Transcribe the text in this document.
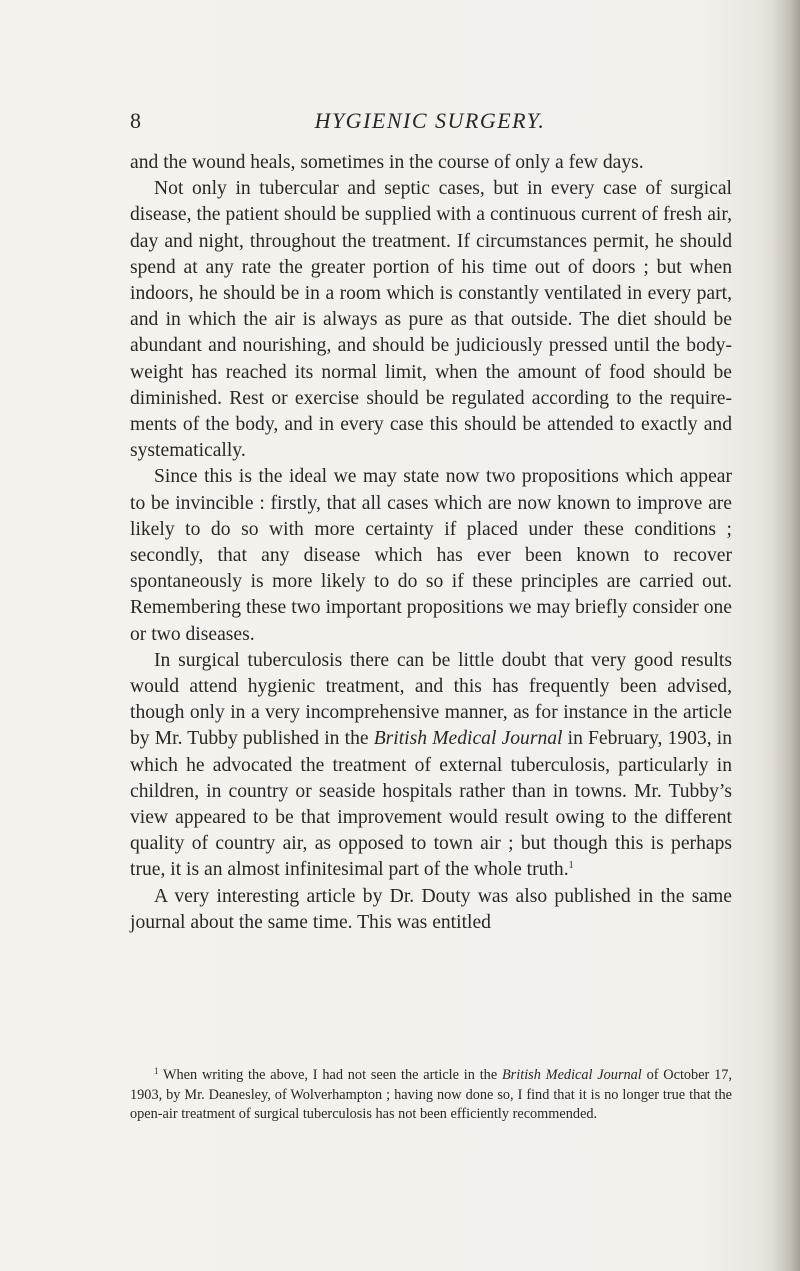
8	HYGIENIC SURGERY.

and the wound heals, sometimes in the course of only a few days.

Not only in tubercular and septic cases, but in every case of surgical disease, the patient should be supplied with a continuous current of fresh air, day and night, throughout the treatment. If circumstances permit, he should spend at any rate the greater portion of his time out of doors ; but when indoors, he should be in a room which is constantly ventilated in every part, and in which the air is always as pure as that outside. The diet should be abundant and nourishing, and should be judiciously pressed until the body-weight has reached its normal limit, when the amount of food should be diminished. Rest or exercise should be regulated according to the require- ments of the body, and in every case this should be attended to exactly and systematically.

Since this is the ideal we may state now two propositions which appear to be invincible : firstly, that all cases which are now known to improve are likely to do so with more certainty if placed under these conditions ; secondly, that any disease which has ever been known to recover spontaneously is more likely to do so if these principles are carried out. Remembering these two important propositions we may briefly consider one or two diseases.

In surgical tuberculosis there can be little doubt that very good results would attend hygienic treatment, and this has frequently been advised, though only in a very incomprehensive manner, as for instance in the article by Mr. Tubby published in the British Medical Journal in February, 1903, in which he advocated the treatment of external tuberculosis, particularly in children, in country or seaside hospitals rather than in towns. Mr. Tubby’s view appeared to be that improvement would result owing to the different quality of country air, as opposed to town air ; but though this is perhaps true, it is an almost infinitesimal part of the whole truth.$^1$

A very interesting article by Dr. Douty was also published in the same journal about the same time. This was entitled

$^1$ When writing the above, I had not seen the article in the British Medical Journal of October 17, 1903, by Mr. Deanesley, of Wolverhampton ; having now done so, I find that it is no longer true that the open-air treatment of surgical tuberculosis has not been efficiently recommended.
